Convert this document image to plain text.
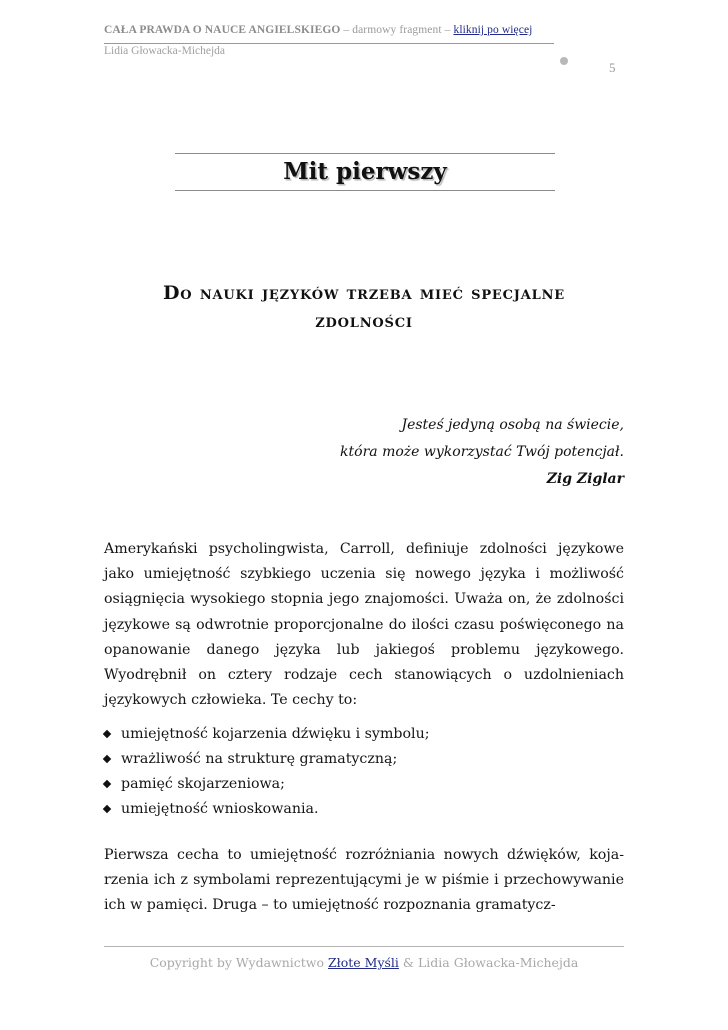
CAŁA PRAWDA O NAUCE ANGIELSKIEGO – darmowy fragment – kliknij po więcej
Lidia Głowacka-Michejda
5
Mit pierwszy
Do nauki języków trzeba mieć specjalne
zdolności
Jesteś jedyną osobą na świecie,
która może wykorzystać Twój potencjał.
Zig Ziglar

Amerykański psycholingwista, Carroll, definiuje zdolności językowe jako umiejętność szybkiego uczenia się nowego języka i możliwość osiągnięcia wysokiego stopnia jego znajomości. Uważa on, że zdolności językowe są odwrotnie proporcjonalne do ilości czasu poświęconego na opanowanie danego języka lub jakiegoś problemu językowego. Wyodrębnił on cztery rodzaje cech stanowiących o uzdolnieniach językowych człowieka. Te cechy to:

umiejętność kojarzenia dźwięku i symbolu;
wrażliwość na strukturę gramatyczną;
pamięć skojarzeniowa;
umiejętność wnioskowania.

Pierwsza cecha to umiejętność rozróżniania nowych dźwięków, kojarzenia ich z symbolami reprezentującymi je w piśmie i przechowywanie ich w pamięci. Druga – to umiejętność rozpoznania gramatycz-

Copyright by Wydawnictwo Złote Myśli & Lidia Głowacka-Michejda
